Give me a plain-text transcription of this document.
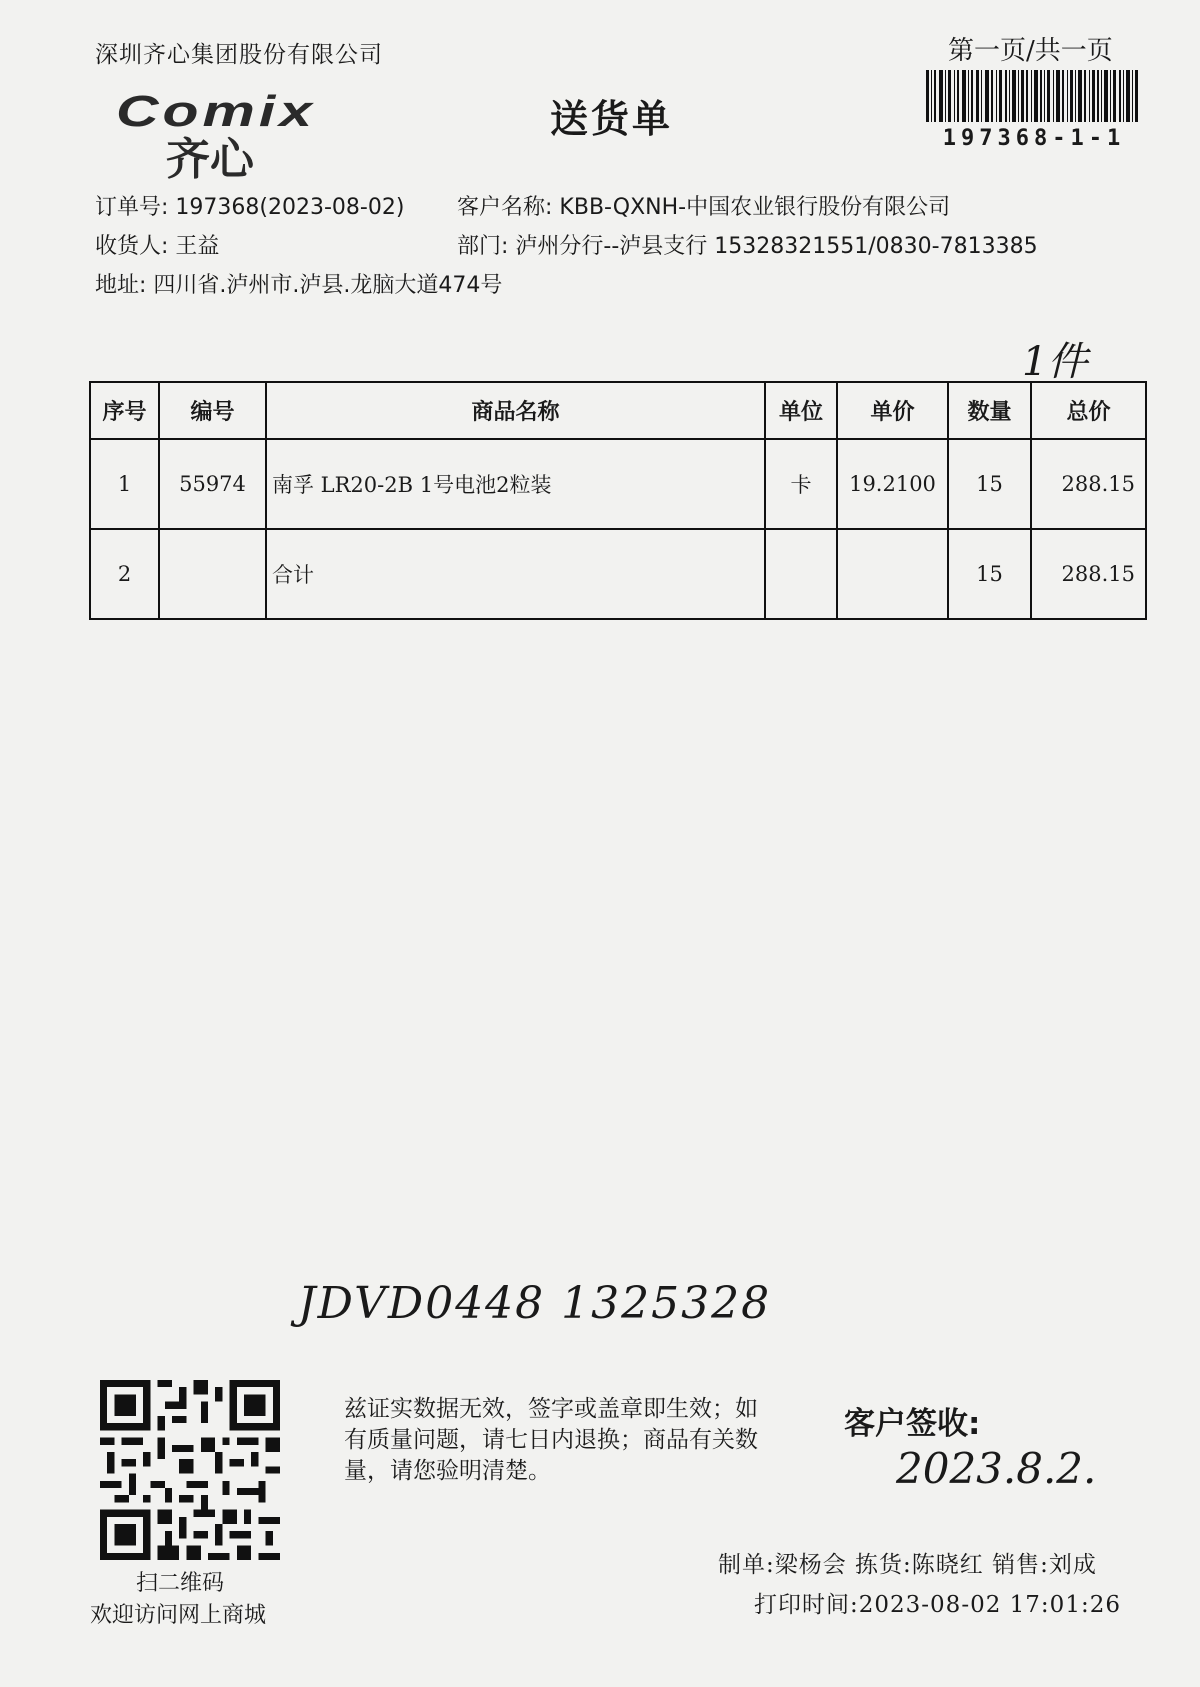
深圳齐心集团股份有限公司	第一页/共一页
197368-1-1
Comix
齐心
送货单
订单号: 197368(2023-08-02) 客户名称: KBB-QXNH-中国农业银行股份有限公司
收货人: 王益	部门: 泸州分行--泸县支行 15328321551/0830-7813385
地址: 四川省.泸州市.泸县.龙脑大道474号
1件
序号	编号	商品名称	单位	单价	数量	总价
1	55974	南孚 LR20-2B 1号电池2粒装	卡	19.2100	15	288.15
2		合计			15	288.15
JDVD0448 1325328
扫二维码
欢迎访问网上商城
兹证实数据无效，签字或盖章即生效；如有质量问题，请七日内退换；商品有关数量，请您验明清楚。
客户签收:
2023.8.2.
制单:梁杨会 拣货:陈晓红 销售:刘成
打印时间:2023-08-02 17:01:26
